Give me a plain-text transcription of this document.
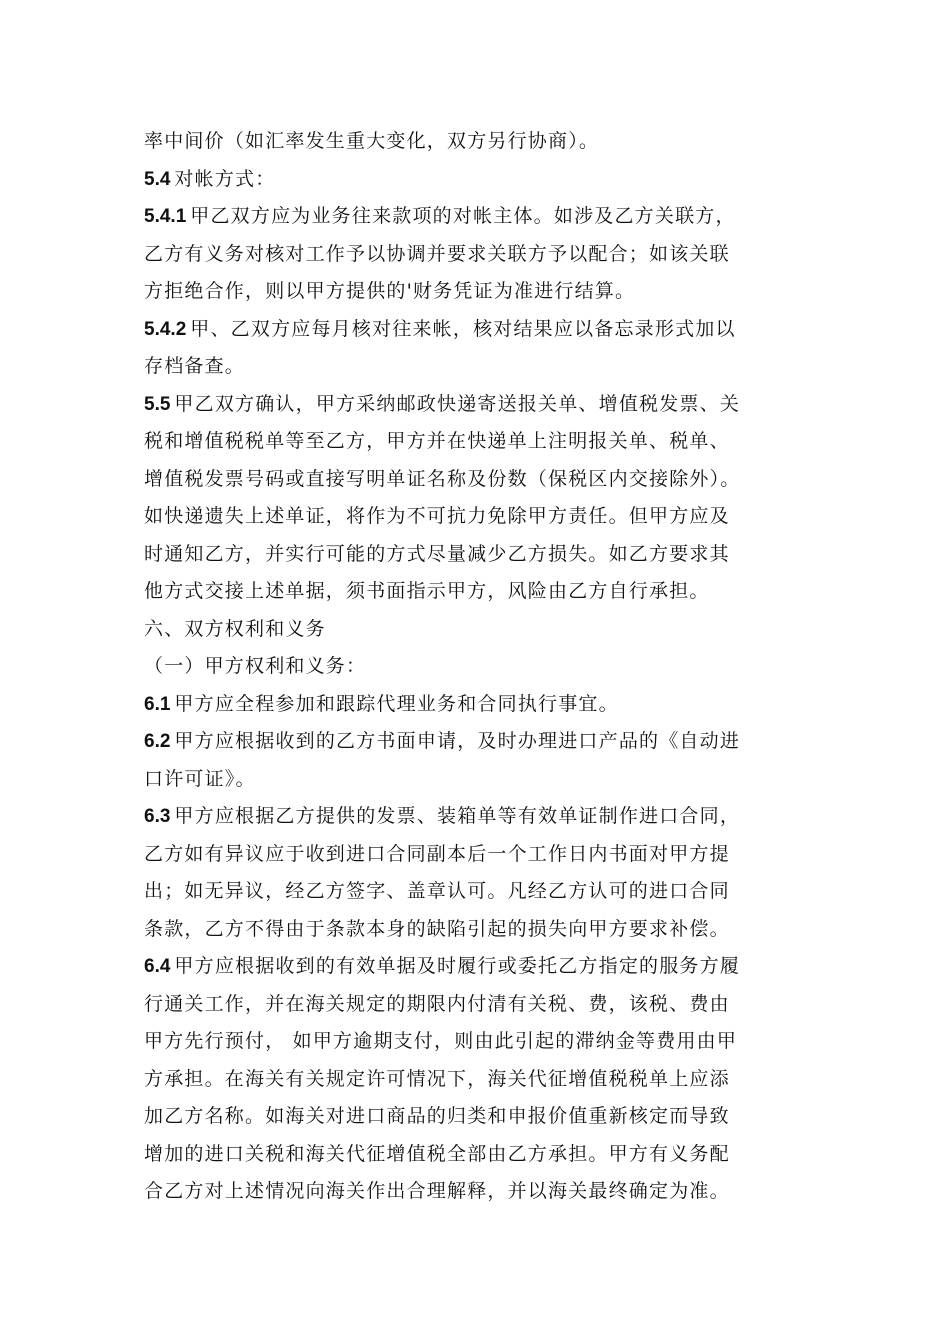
率中间价（如汇率发生重大变化，双方另行协商）。

5.4 对帐方式：

5.4.1 甲乙双方应为业务往来款项的对帐主体。如涉及乙方关联方，
乙方有义务对核对工作予以协调并要求关联方予以配合；如该关联
方拒绝合作，则以甲方提供的'财务凭证为准进行结算。

5.4.2 甲、乙双方应每月核对往来帐，核对结果应以备忘录形式加以
存档备查。

5.5 甲乙双方确认，甲方采纳邮政快递寄送报关单、增值税发票、关
税和增值税税单等至乙方，甲方并在快递单上注明报关单、税单、
增值税发票号码或直接写明单证名称及份数（保税区内交接除外）。
如快递遗失上述单证，将作为不可抗力免除甲方责任。但甲方应及
时通知乙方，并实行可能的方式尽量减少乙方损失。如乙方要求其
他方式交接上述单据，须书面指示甲方，风险由乙方自行承担。

六、双方权利和义务

（一）甲方权利和义务：

6.1 甲方应全程参加和跟踪代理业务和合同执行事宜。

6.2 甲方应根据收到的乙方书面申请，及时办理进口产品的《自动进
口许可证》。

6.3 甲方应根据乙方提供的发票、装箱单等有效单证制作进口合同，
乙方如有异议应于收到进口合同副本后一个工作日内书面对甲方提
出；如无异议，经乙方签字、盖章认可。凡经乙方认可的进口合同
条款，乙方不得由于条款本身的缺陷引起的损失向甲方要求补偿。

6.4 甲方应根据收到的有效单据及时履行或委托乙方指定的服务方履
行通关工作，并在海关规定的期限内付清有关税、费，该税、费由
甲方先行预付， 如甲方逾期支付，则由此引起的滞纳金等费用由甲
方承担。在海关有关规定许可情况下，海关代征增值税税单上应添
加乙方名称。如海关对进口商品的归类和申报价值重新核定而导致
增加的进口关税和海关代征增值税全部由乙方承担。甲方有义务配
合乙方对上述情况向海关作出合理解释，并以海关最终确定为准。
